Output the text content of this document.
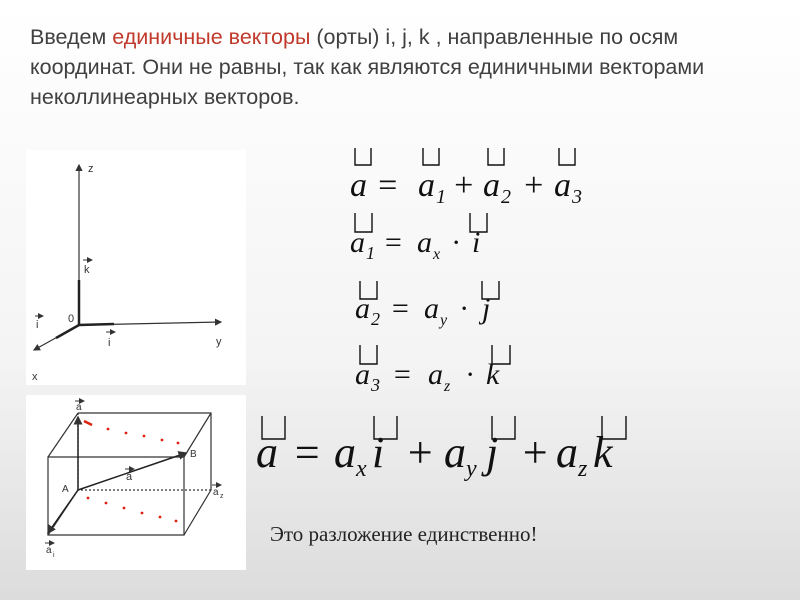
Введем единичные векторы (орты) i, j, k , направленные по осям координат. Они не равны, так как являются единичными векторами неколлинеарных векторов.
z
y
x
0
k
i
i
a
A
B
a
a z
a i
a = a 1 + a 2 + a 3
a 1 = a x · i
a 2 = a y · j
a 3 = a z · k
a = a x i + a y j + a z k
Это разложение единственно!
